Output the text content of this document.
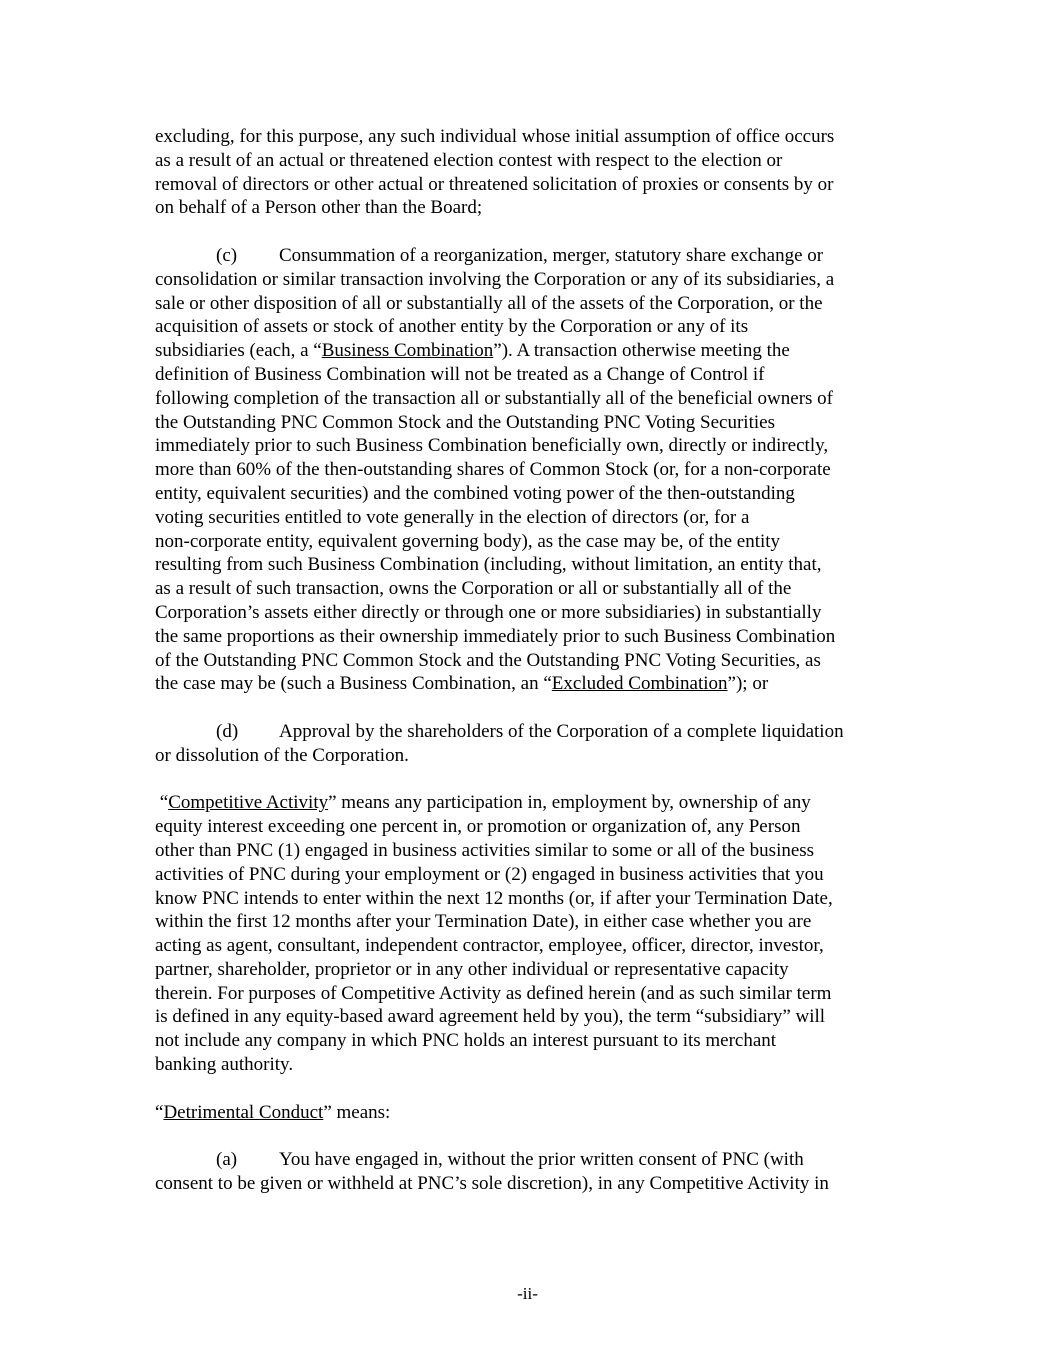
excluding, for this purpose, any such individual whose initial assumption of office occurs
as a result of an actual or threatened election contest with respect to the election or
removal of directors or other actual or threatened solicitation of proxies or consents by or
on behalf of a Person other than the Board;

(c) Consummation of a reorganization, merger, statutory share exchange or
consolidation or similar transaction involving the Corporation or any of its subsidiaries, a
sale or other disposition of all or substantially all of the assets of the Corporation, or the
acquisition of assets or stock of another entity by the Corporation or any of its
subsidiaries (each, a “Business Combination”). A transaction otherwise meeting the
definition of Business Combination will not be treated as a Change of Control if
following completion of the transaction all or substantially all of the beneficial owners of
the Outstanding PNC Common Stock and the Outstanding PNC Voting Securities
immediately prior to such Business Combination beneficially own, directly or indirectly,
more than 60% of the then-outstanding shares of Common Stock (or, for a non-corporate
entity, equivalent securities) and the combined voting power of the then-outstanding
voting securities entitled to vote generally in the election of directors (or, for a
non-corporate entity, equivalent governing body), as the case may be, of the entity
resulting from such Business Combination (including, without limitation, an entity that,
as a result of such transaction, owns the Corporation or all or substantially all of the
Corporation’s assets either directly or through one or more subsidiaries) in substantially
the same proportions as their ownership immediately prior to such Business Combination
of the Outstanding PNC Common Stock and the Outstanding PNC Voting Securities, as
the case may be (such a Business Combination, an “Excluded Combination”); or

(d) Approval by the shareholders of the Corporation of a complete liquidation
or dissolution of the Corporation.

“Competitive Activity” means any participation in, employment by, ownership of any
equity interest exceeding one percent in, or promotion or organization of, any Person
other than PNC (1) engaged in business activities similar to some or all of the business
activities of PNC during your employment or (2) engaged in business activities that you
know PNC intends to enter within the next 12 months (or, if after your Termination Date,
within the first 12 months after your Termination Date), in either case whether you are
acting as agent, consultant, independent contractor, employee, officer, director, investor,
partner, shareholder, proprietor or in any other individual or representative capacity
therein. For purposes of Competitive Activity as defined herein (and as such similar term
is defined in any equity-based award agreement held by you), the term “subsidiary” will
not include any company in which PNC holds an interest pursuant to its merchant
banking authority.

“Detrimental Conduct” means:

(a) You have engaged in, without the prior written consent of PNC (with
consent to be given or withheld at PNC’s sole discretion), in any Competitive Activity in

-ii-
